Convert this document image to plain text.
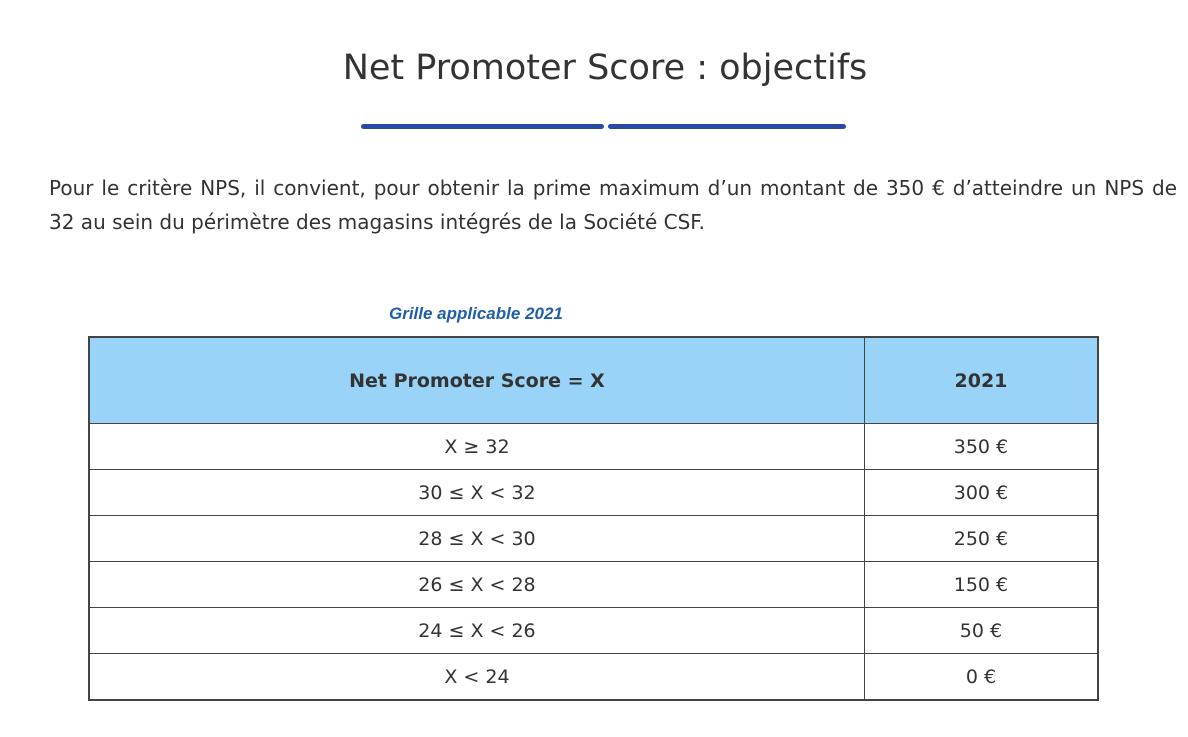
Net Promoter Score : objectifs
Pour le critère NPS, il convient, pour obtenir la prime maximum d’un montant de 350 € d’atteindre un NPS de 32 au sein du périmètre des magasins intégrés de la Société CSF.
Grille applicable 2021
Net Promoter Score = X	2021
X ≥ 32	350 €
30 ≤ X < 32	300 €
28 ≤ X < 30	250 €
26 ≤ X < 28	150 €
24 ≤ X < 26	50 €
X < 24	0 €
